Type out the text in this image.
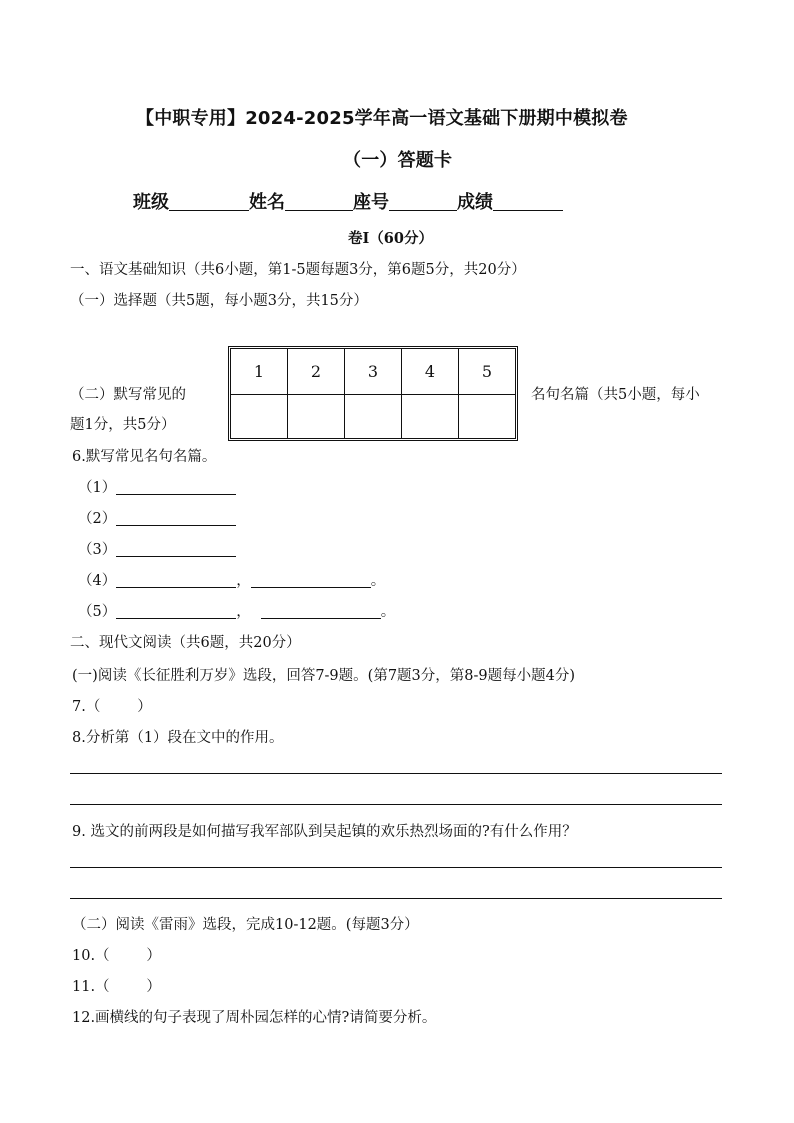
【中职专用】2024-2025学年高一语文基础下册期中模拟卷
（一）答题卡
班级	姓名	座号	成绩
卷Ⅰ（60分）
一、语文基础知识（共6小题，第1-5题每题3分，第6题5分，共20分）
（一）选择题（共5题，每小题3分，共15分）
1	2	3	4	5

（二）默写常见的	名句名篇（共5小题，每小
题1分，共5分）
6.默写常见名句名篇。
（1）
（2）
（3）
（4）	，	。
（5）	，	。
二、现代文阅读（共6题，共20分）
(一)阅读《长征胜利万岁》选段，回答7-9题。(第7题3分，第8-9题每小题4分)
7.（        ）
8.分析第（1）段在文中的作用。
9. 选文的前两段是如何描写我军部队到吴起镇的欢乐热烈场面的?有什么作用？
（二）阅读《雷雨》选段，完成10-12题。(每题3分）
10.（        ）
11.（        ）
12.画横线的句子表现了周朴园怎样的心情?请简要分析。
